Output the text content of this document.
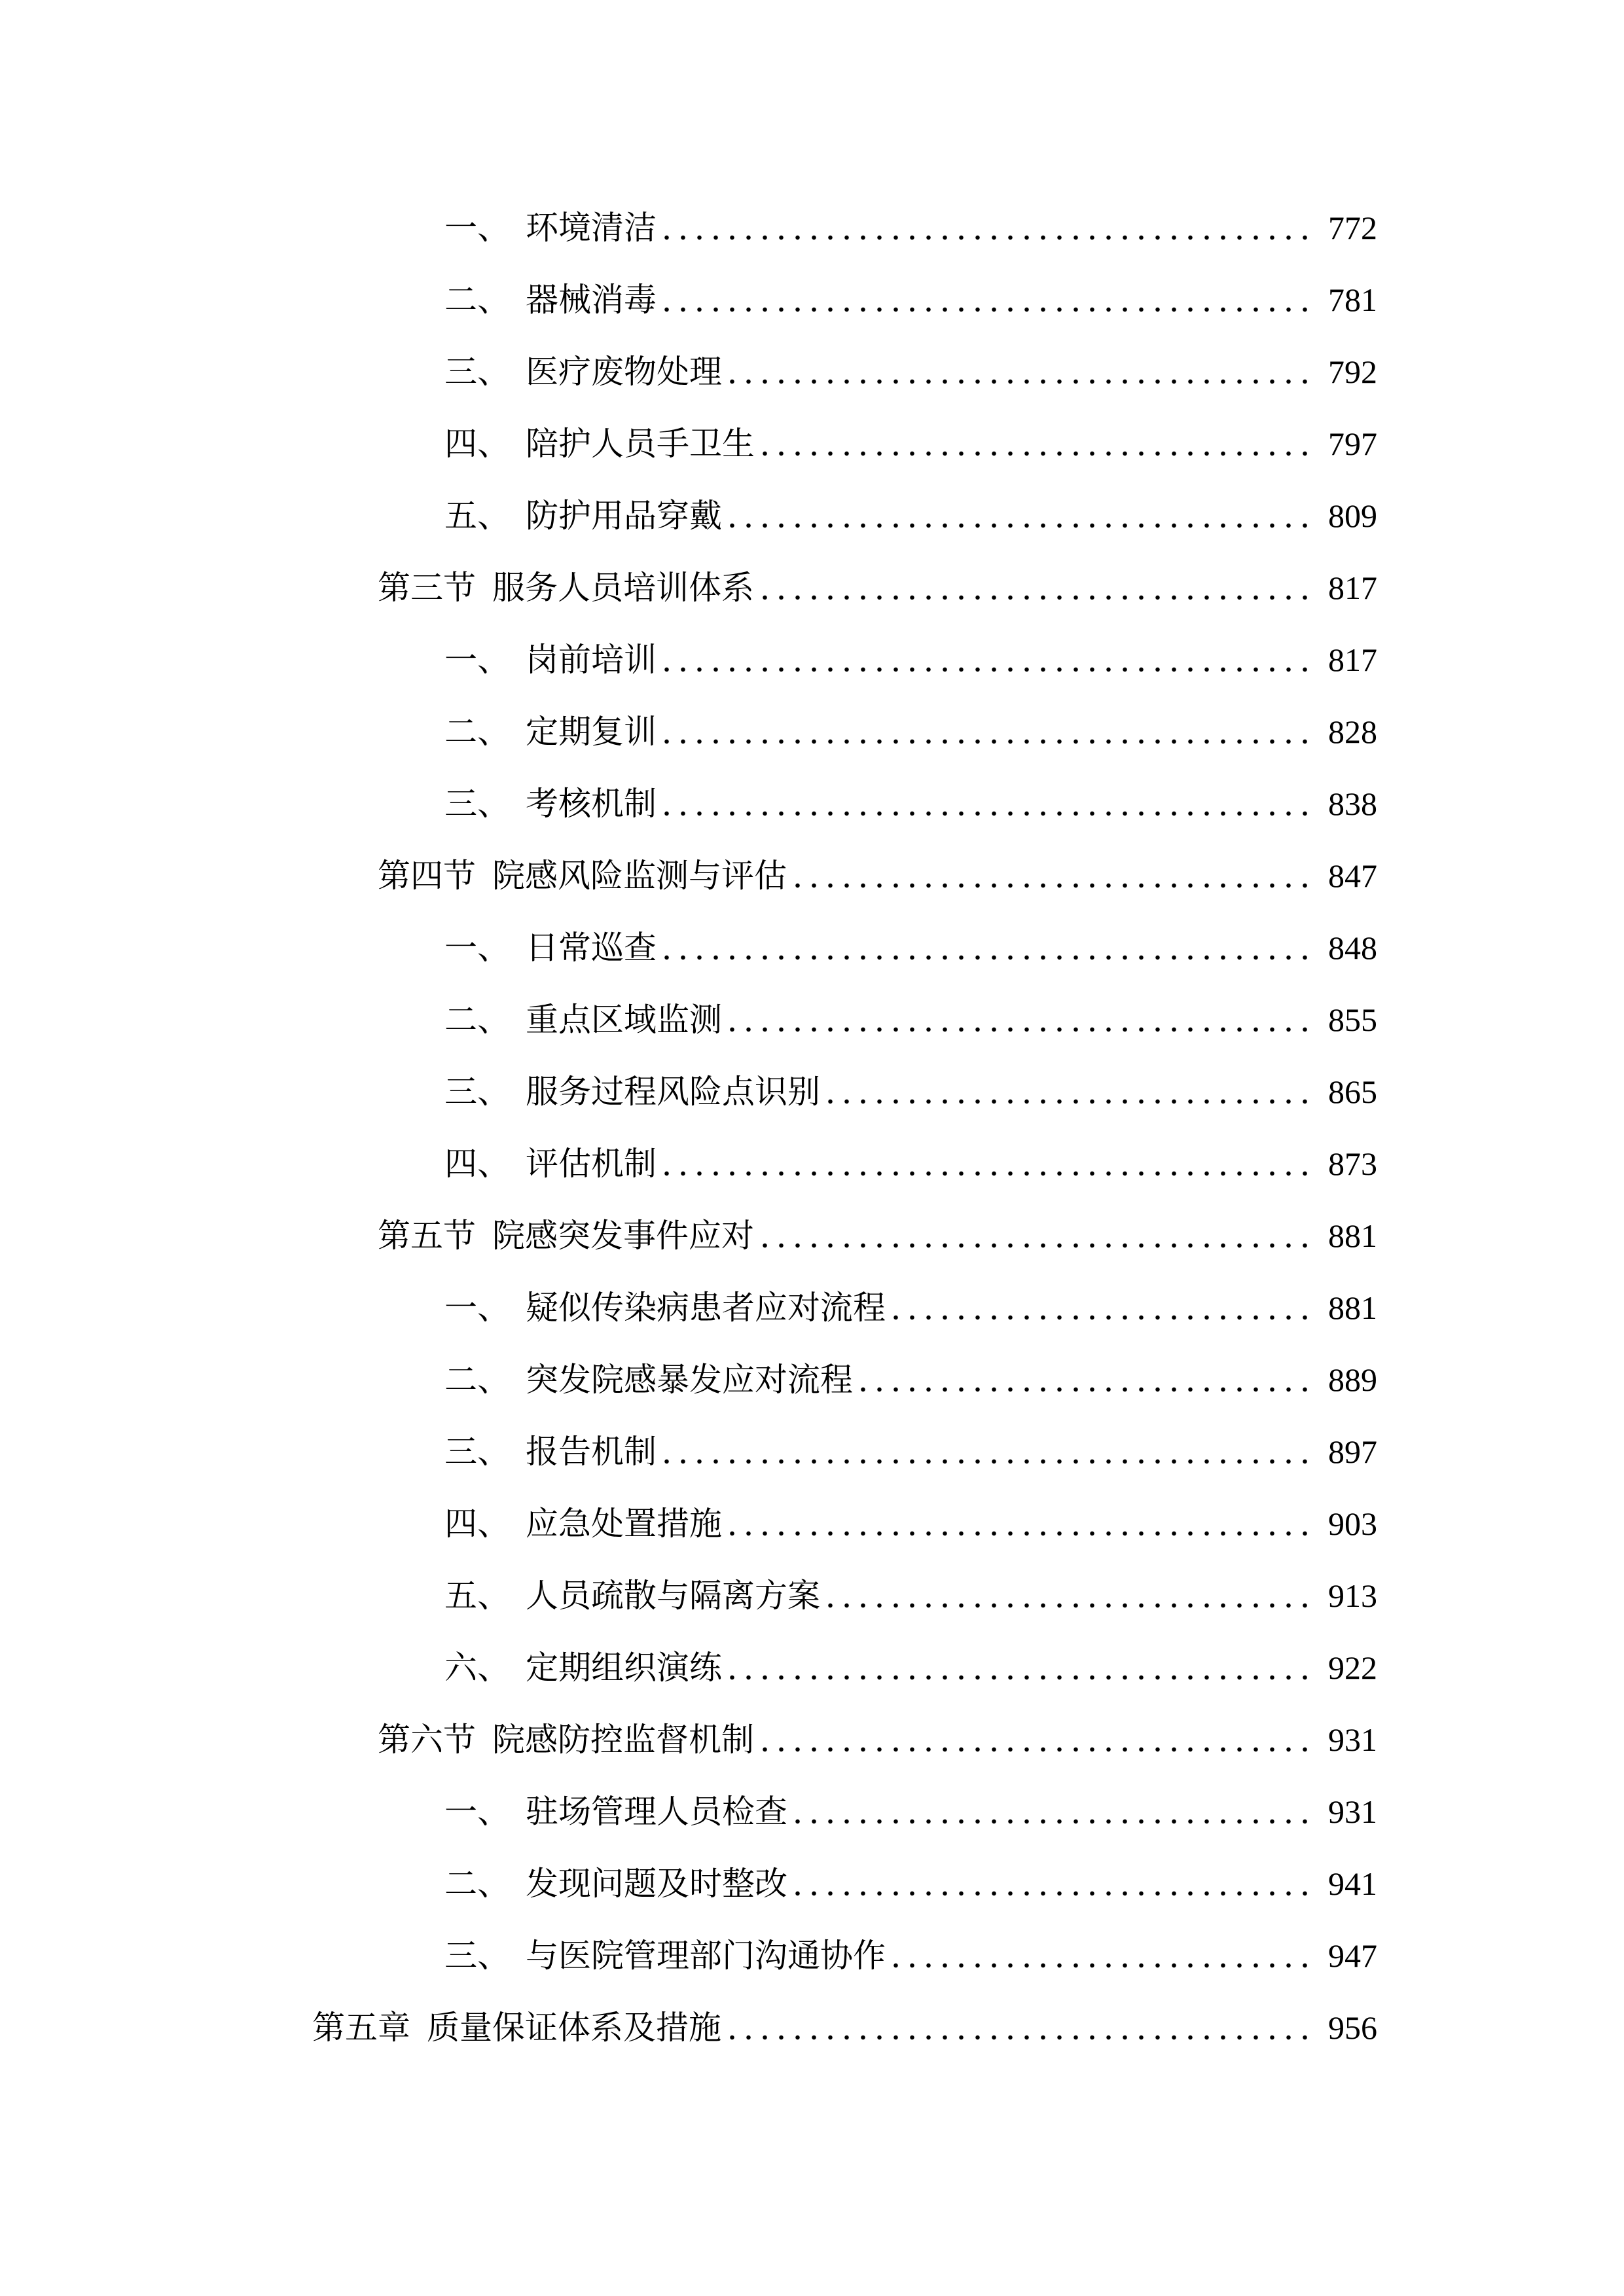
一、 环境清洁	772
二、 器械消毒	781
三、 医疗废物处理	792
四、 陪护人员手卫生	797
五、 防护用品穿戴	809
第三节 服务人员培训体系	817
一、 岗前培训	817
二、 定期复训	828
三、 考核机制	838
第四节 院感风险监测与评估	847
一、 日常巡查	848
二、 重点区域监测	855
三、 服务过程风险点识别	865
四、 评估机制	873
第五节 院感突发事件应对	881
一、 疑似传染病患者应对流程	881
二、 突发院感暴发应对流程	889
三、 报告机制	897
四、 应急处置措施	903
五、 人员疏散与隔离方案	913
六、 定期组织演练	922
第六节 院感防控监督机制	931
一、 驻场管理人员检查	931
二、 发现问题及时整改	941
三、 与医院管理部门沟通协作	947
第五章 质量保证体系及措施	956
